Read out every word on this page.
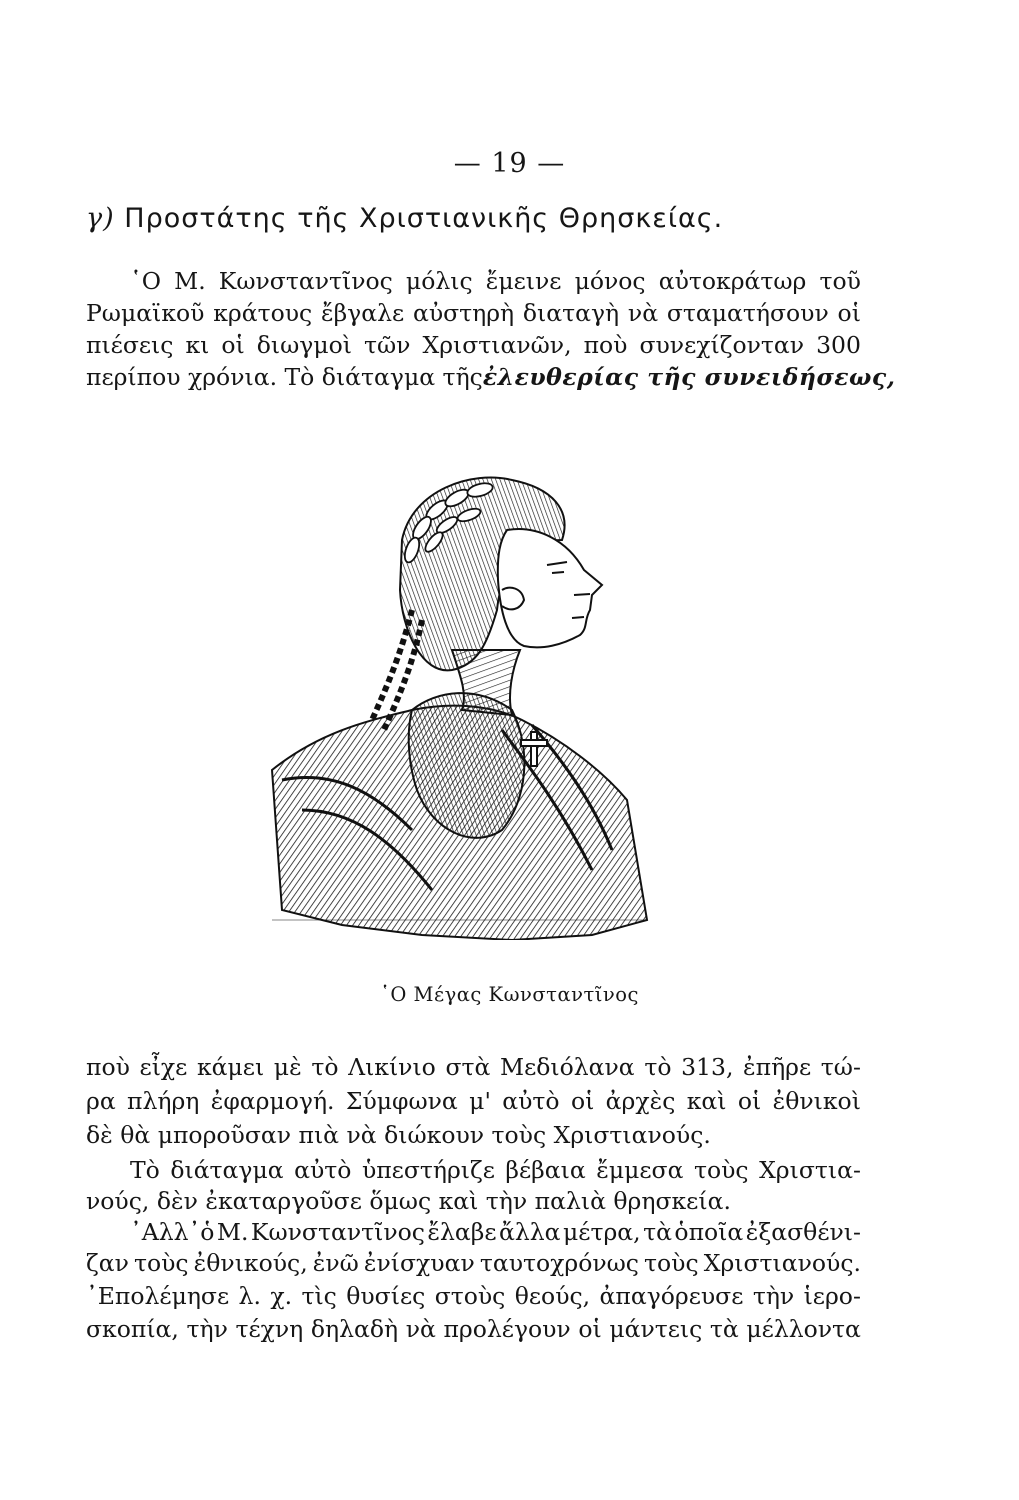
— 19 —
γ) Προστάτης τῆς Χριστιανικῆς Θρησκείας.
῾Ο Μ. Κωνσταντῖνος μόλις ἔμεινε μόνος αὐτοκράτωρ τοῦ
Ρωμαϊκοῦ κράτους ἔβγαλε αὐστηρὴ διαταγὴ νὰ σταματήσουν οἱ
πιέσεις κι οἱ διωγμοὶ τῶν Χριστιανῶν, ποὺ συνεχίζονταν 300
περίπου χρόνια. Τὸ διάταγμα τῆς ἐλευθερίας τῆς συνειδήσεως,
῾Ο Μέγας Κωνσταντῖνος
ποὺ εἶχε κάμει μὲ τὸ Λικίνιο στὰ Μεδιόλανα τὸ 313, ἐπῆρε τώ-
ρα πλήρη ἐφαρμογή. Σύμφωνα μ' αὐτὸ οἱ ἀρχὲς καὶ οἱ ἐθνικοὶ
δὲ θὰ μποροῦσαν πιὰ νὰ διώκουν τοὺς Χριστιανούς.
Τὸ διάταγμα αὐτὸ ὑπεστήριζε βέβαια ἔμμεσα τοὺς Χριστια-
νούς, δὲν ἐκαταργοῦσε ὅμως καὶ τὴν παλιὰ θρησκεία.
᾿Αλλ᾿ὁ Μ. Κωνσταντῖνος ἔλαβε ἄλλα μέτρα, τὰ ὁποῖα ἐξασθένι-
ζαν τοὺς ἐθνικούς, ἐνῶ ἐνίσχυαν ταυτοχρόνως τοὺς Χριστιανούς.
᾿Επολέμησε λ. χ. τὶς θυσίες στοὺς θεούς, ἀπαγόρευσε τὴν ἱερο-
σκοπία, τὴν τέχνη δηλαδὴ νὰ προλέγουν οἱ μάντεις τὰ μέλλοντα
